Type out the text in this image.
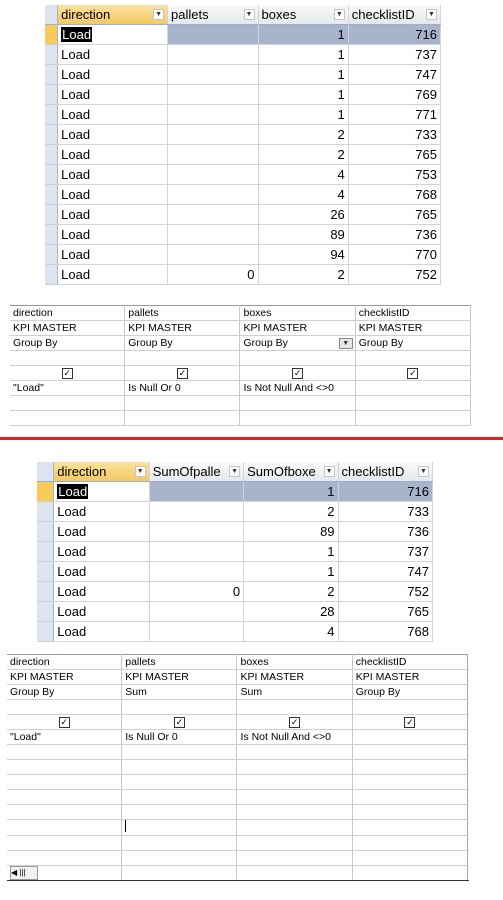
	direction ▼	pallets ▼	boxes ▼	checklistID ▼

	Load		1	716
	Load		1	737
	Load		1	747
	Load		1	769
	Load		1	771
	Load		2	733
	Load		2	765
	Load		4	753
	Load		4	768
	Load		26	765
	Load		89	736
	Load		94	770
	Load	0	2	752
direction	pallets	boxes	checklistID
KPI MASTER	KPI MASTER	KPI MASTER	KPI MASTER
Group By	Group By	Group By ▼	Group By

✓	✓	✓	✓
"Load"	Is Null Or 0	Is Not Null And <>0	

	direction ▼	SumOfpalle ▼	SumOfboxe ▼	checklistID ▼

	Load		1	716
	Load		2	733
	Load		89	736
	Load		1	737
	Load		1	747
	Load	0	2	752
	Load		28	765
	Load		4	768
direction	pallets	boxes	checklistID
KPI MASTER	KPI MASTER	KPI MASTER	KPI MASTER
Group By	Sum	Sum	Group By

✓	✓	✓	✓
"Load"	Is Null Or 0	Is Not Null And <>0	

◀ |||
